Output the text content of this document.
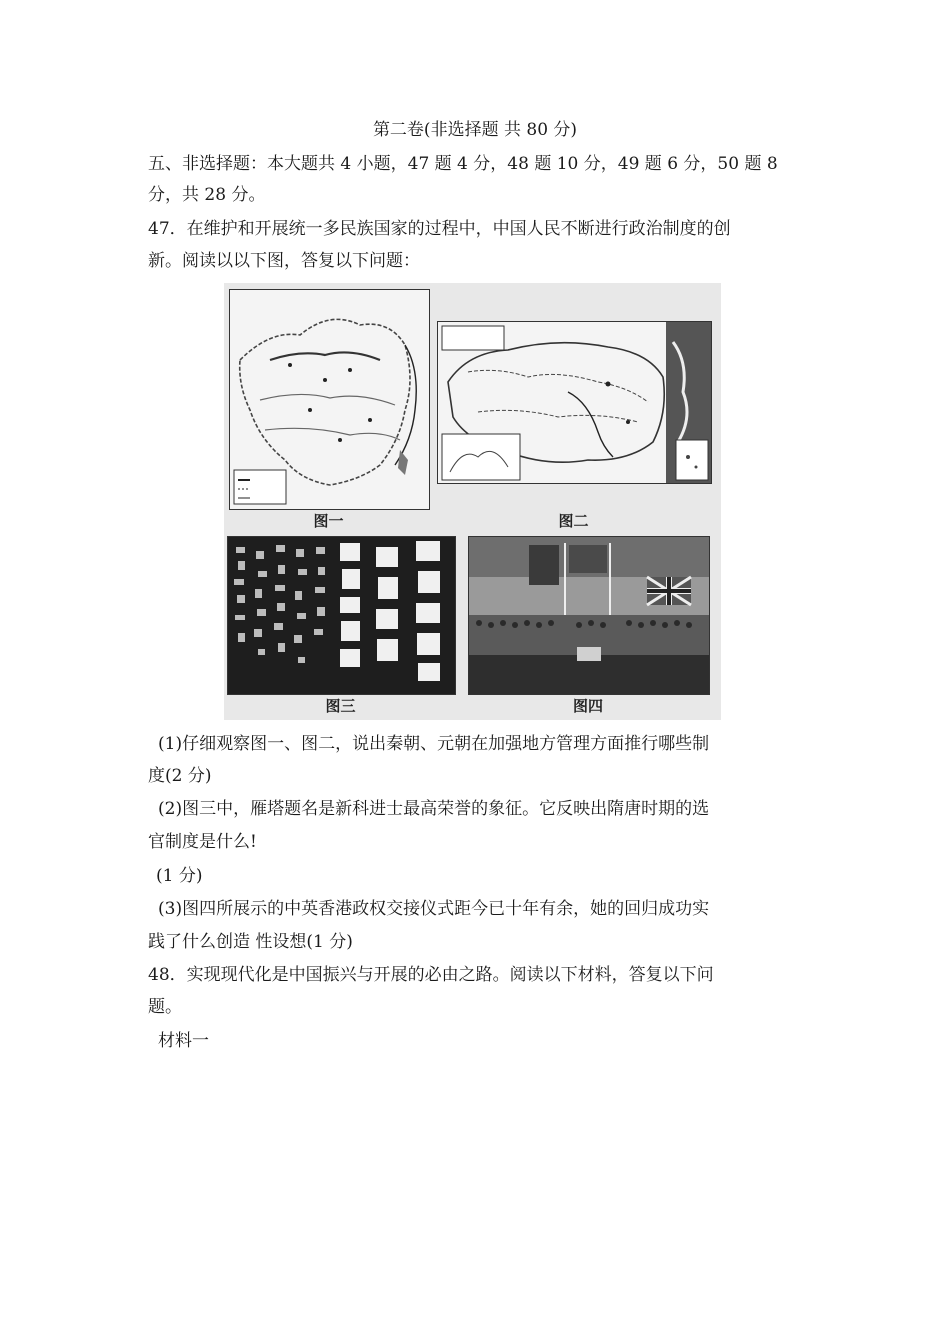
第二卷(非选择题 共 80 分)
五、非选择题：本大题共 4 小题，47 题 4 分，48 题 10 分，49 题 6 分，50 题 8
分，共 28 分。
47．在维护和开展统一多民族国家的过程中，中国人民不断进行政治制度的创
新。阅读以以下图，答复以下问题：
图一	图二
图三	图四
(1)仔细观察图一、图二，说出秦朝、元朝在加强地方管理方面推行哪些制
度(2 分)
(2)图三中，雁塔题名是新科进士最高荣誉的象征。它反映出隋唐时期的选
官制度是什么!
(1 分)
(3)图四所展示的中英香港政权交接仪式距今已十年有余，她的回归成功实
践了什么创造 性设想(1 分)
48．实现现代化是中国振兴与开展的必由之路。阅读以下材料，答复以下问
题。
材料一
